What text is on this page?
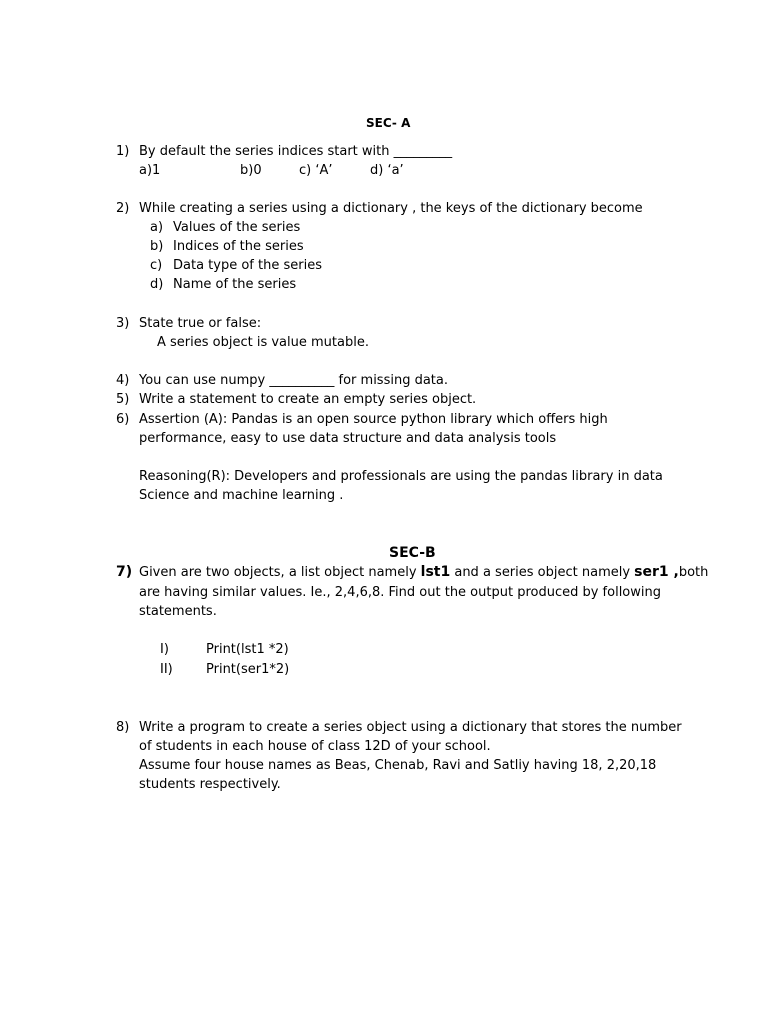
SEC- A
1) By default the series indices start with _________
a)1	b)0	c) ‘A’	d) ‘a’
2) While creating a series using a dictionary , the keys of the dictionary become
a) Values of the series
b) Indices of the series
c) Data type of the series
d) Name of the series
3) State true or false:
A series object is value mutable.
4) You can use numpy __________ for missing data.
5) Write a statement to create an empty series object.
6) Assertion (A): Pandas is an open source python library which offers high
performance, easy to use data structure and data analysis tools
Reasoning(R): Developers and professionals are using the pandas library in data
Science and machine learning .
SEC-B
7) Given are two objects, a list object namely lst1 and a series object namely ser1 ,both
are having similar values. Ie., 2,4,6,8. Find out the output produced by following
statements.
I)	Print(lst1 *2)
II)	Print(ser1*2)
8) Write a program to create a series object using a dictionary that stores the number
of students in each house of class 12D of your school.
Assume four house names as Beas, Chenab, Ravi and Satliy having 18, 2,20,18
students respectively.
